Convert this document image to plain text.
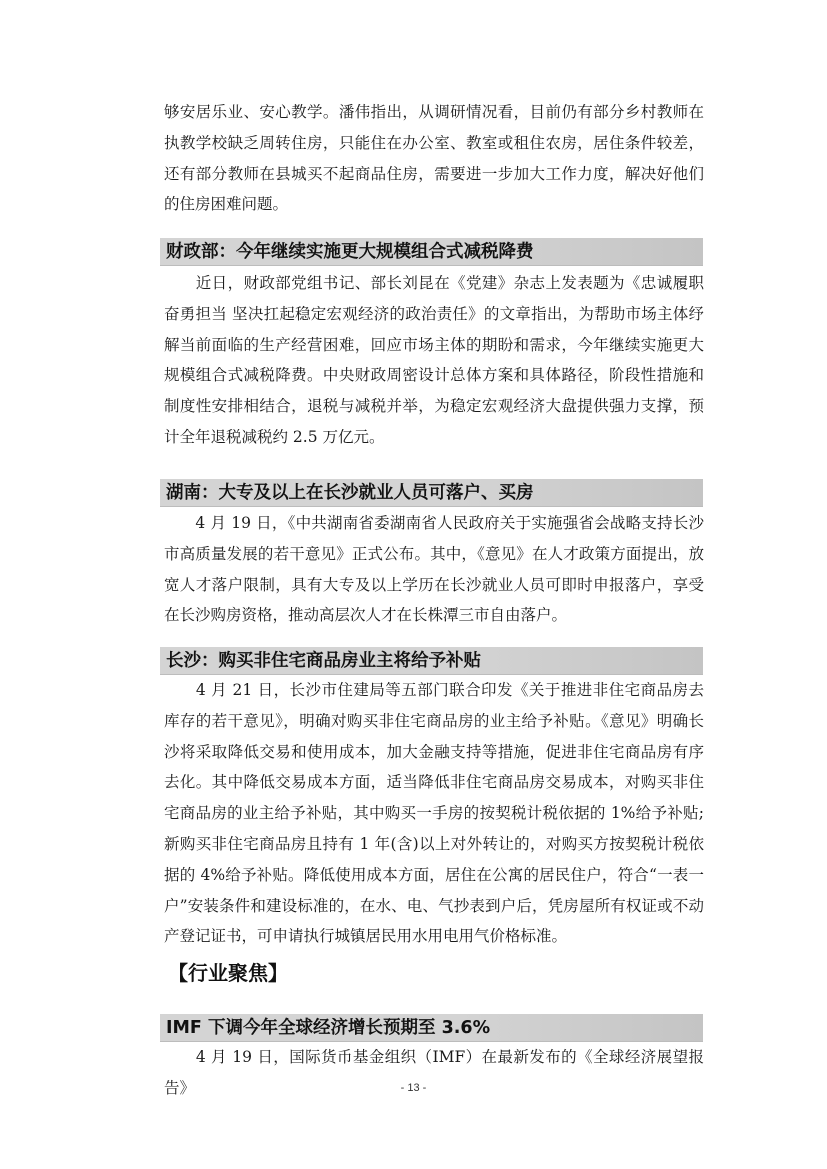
够安居乐业、安心教学。潘伟指出，从调研情况看，目前仍有部分乡村教师在执教学校缺乏周转住房，只能住在办公室、教室或租住农房，居住条件较差，还有部分教师在县城买不起商品住房，需要进一步加大工作力度，解决好他们的住房困难问题。

财政部：今年继续实施更大规模组合式减税降费

　　近日，财政部党组书记、部长刘昆在《党建》杂志上发表题为《忠诚履职 奋勇担当 坚决扛起稳定宏观经济的政治责任》的文章指出，为帮助市场主体纾解当前面临的生产经营困难，回应市场主体的期盼和需求，今年继续实施更大规模组合式减税降费。中央财政周密设计总体方案和具体路径，阶段性措施和制度性安排相结合，退税与减税并举，为稳定宏观经济大盘提供强力支撑，预计全年退税减税约 2.5 万亿元。

湖南：大专及以上在长沙就业人员可落户、买房

　　4 月 19 日，《中共湖南省委湖南省人民政府关于实施强省会战略支持长沙市高质量发展的若干意见》正式公布。其中，《意见》在人才政策方面提出，放宽人才落户限制，具有大专及以上学历在长沙就业人员可即时申报落户，享受在长沙购房资格，推动高层次人才在长株潭三市自由落户。

长沙：购买非住宅商品房业主将给予补贴

　　4 月 21 日，长沙市住建局等五部门联合印发《关于推进非住宅商品房去库存的若干意见》，明确对购买非住宅商品房的业主给予补贴。《意见》明确长沙将采取降低交易和使用成本，加大金融支持等措施，促进非住宅商品房有序去化。其中降低交易成本方面，适当降低非住宅商品房交易成本，对购买非住宅商品房的业主给予补贴，其中购买一手房的按契税计税依据的 1%给予补贴;新购买非住宅商品房且持有 1 年(含)以上对外转让的，对购买方按契税计税依据的 4%给予补贴。降低使用成本方面，居住在公寓的居民住户，符合“一表一户”安装条件和建设标准的，在水、电、气抄表到户后，凭房屋所有权证或不动产登记证书，可申请执行城镇居民用水用电用气价格标准。

【行业聚焦】
IMF 下调今年全球经济增长预期至 3.6%

　　4 月 19 日，国际货币基金组织（IMF）在最新发布的《全球经济展望报告》	- 13 -
